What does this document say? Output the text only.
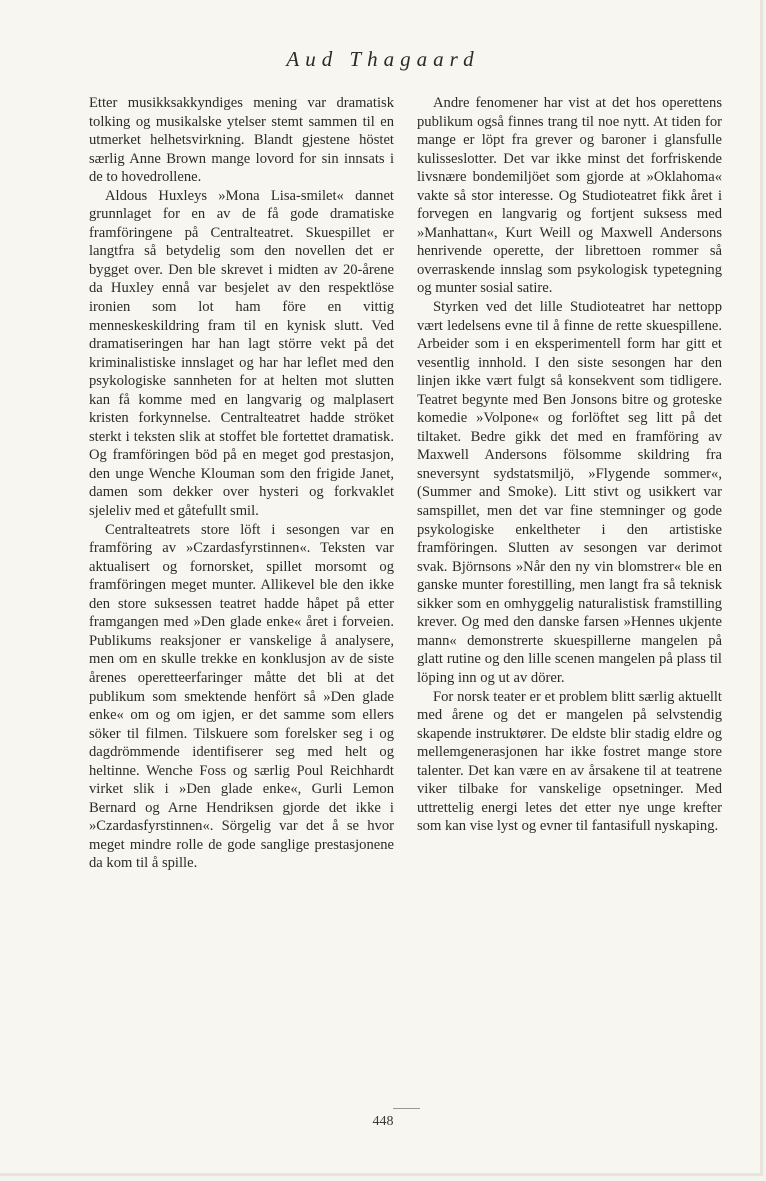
Aud Thagaard

Etter musikksakkyndiges mening var dramatisk tolking og musikalske ytelser stemt sammen til en utmerket helhetsvirkning. Blandt gjestene höstet særlig Anne Brown mange lovord for sin innsats i de to hovedrollene.

Aldous Huxleys »Mona Lisa-smilet« dannet grunnlaget for en av de få gode dramatiske framföringene på Centralteatret. Skuespillet er langtfra så betydelig som den novellen det er bygget over. Den ble skrevet i midten av 20-årene da Huxley ennå var besjelet av den respektlöse ironien som lot ham före en vittig menneskeskildring fram til en kynisk slutt. Ved dramatiseringen har han lagt större vekt på det kriminalistiske innslaget og har har leflet med den psykologiske sannheten for at helten mot slutten kan få komme med en langvarig og malplasert kristen forkynnelse. Centralteatret hadde ströket sterkt i teksten slik at stoffet ble fortettet dramatisk. Og framföringen böd på en meget god prestasjon, den unge Wenche Klouman som den frigide Janet, damen som dekker over hysteri og forkvaklet sjeleliv med et gåtefullt smil.

Centralteatrets store löft i sesongen var en framföring av »Czardasfyrstinnen«. Teksten var aktualisert og fornorsket, spillet morsomt og framföringen meget munter. Allikevel ble den ikke den store suksessen teatret hadde håpet på etter framgangen med »Den glade enke« året i forveien. Publikums reaksjoner er vanskelige å analysere, men om en skulle trekke en konklusjon av de siste årenes operetteerfaringer måtte det bli at det publikum som smektende henfört så »Den glade enke« om og om igjen, er det samme som ellers söker til filmen. Tilskuere som forelsker seg i og dagdrömmende identifiserer seg med helt og heltinne. Wenche Foss og særlig Poul Reichhardt virket slik i »Den glade enke«, Gurli Lemon Bernard og Arne Hendriksen gjorde det ikke i »Czardasfyrstinnen«. Sörgelig var det å se hvor meget mindre rolle de gode sanglige prestasjonene da kom til å spille.

Andre fenomener har vist at det hos operettens publikum også finnes trang til noe nytt. At tiden for mange er löpt fra grever og baroner i glansfulle kulisseslotter. Det var ikke minst det forfriskende livsnære bondemiljöet som gjorde at »Oklahoma« vakte så stor interesse. Og Studioteatret fikk året i forvegen en langvarig og fortjent suksess med »Manhattan«, Kurt Weill og Maxwell Andersons henrivende operette, der librettoen rommer så overraskende innslag som psykologisk typetegning og munter sosial satire.

Styrken ved det lille Studioteatret har nettopp vært ledelsens evne til å finne de rette skuespillene. Arbeider som i en eksperimentell form har gitt et vesentlig innhold. I den siste sesongen har den linjen ikke vært fulgt så konsekvent som tidligere. Teatret begynte med Ben Jonsons bitre og groteske komedie »Volpone« og forlöftet seg litt på det tiltaket. Bedre gikk det med en framföring av Maxwell Andersons fölsomme skildring fra sneversynt sydstatsmiljö, »Flygende sommer«, (Summer and Smoke). Litt stivt og usikkert var samspillet, men det var fine stemninger og gode psykologiske enkeltheter i den artistiske framföringen. Slutten av sesongen var derimot svak. Björnsons »Når den ny vin blomstrer« ble en ganske munter forestilling, men langt fra så teknisk sikker som en omhyggelig naturalistisk framstilling krever. Og med den danske farsen »Hennes ukjente mann« demonstrerte skuespillerne mangelen på glatt rutine og den lille scenen mangelen på plass til löping inn og ut av dörer.

For norsk teater er et problem blitt særlig aktuellt med årene og det er mangelen på selvstendig skapende instruktører. De eldste blir stadig eldre og mellemgenerasjonen har ikke fostret mange store talenter. Det kan være en av årsakene til at teatrene viker tilbake for vanskelige opsetninger. Med uttrettelig energi letes det etter nye unge krefter som kan vise lyst og evner til fantasifull nyskaping.

448
